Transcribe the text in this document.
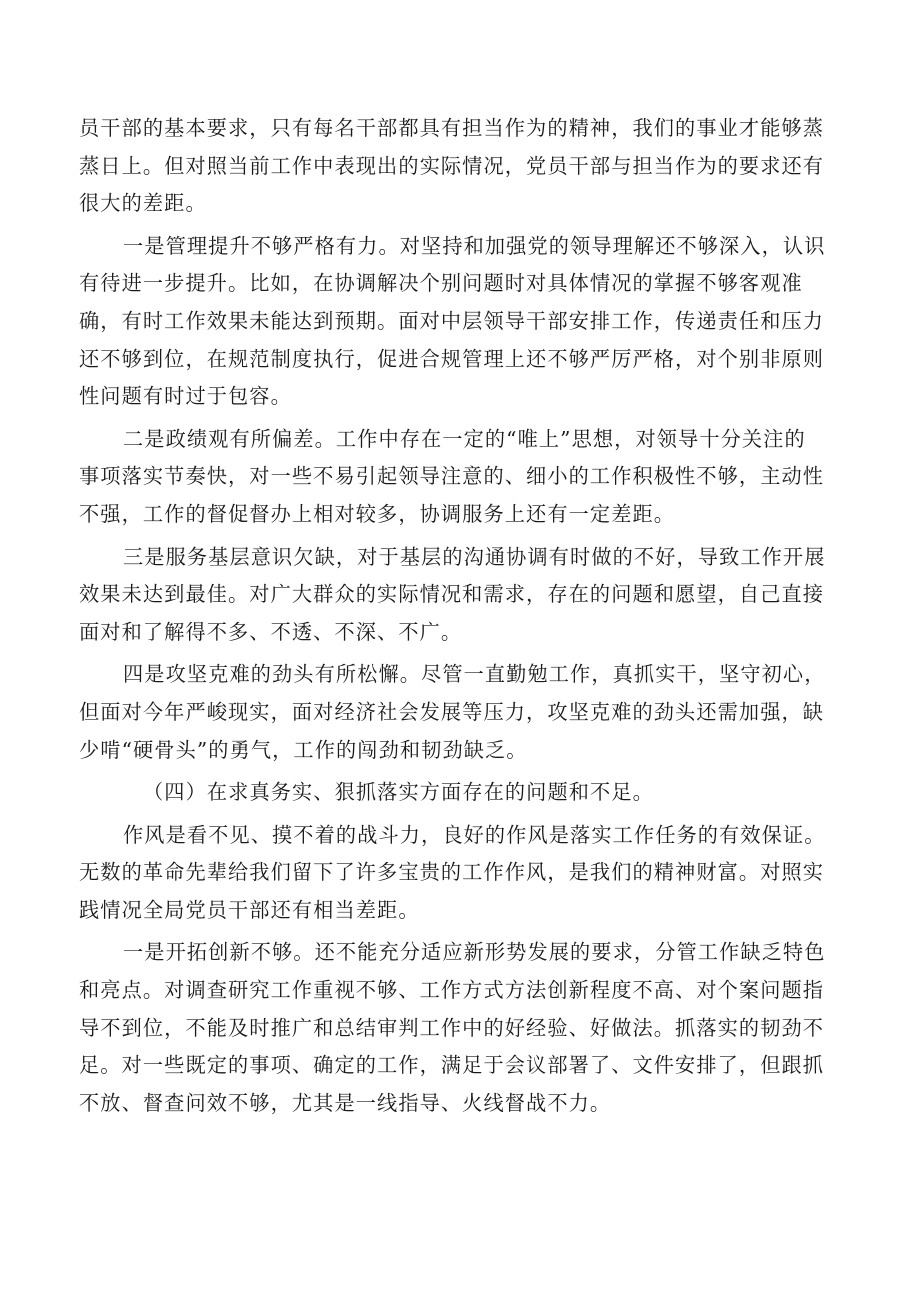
员干部的基本要求，只有每名干部都具有担当作为的精神，我们的事业才能够蒸
蒸日上。但对照当前工作中表现出的实际情况，党员干部与担当作为的要求还有
很大的差距。
一是管理提升不够严格有力。对坚持和加强党的领导理解还不够深入，认识
有待进一步提升。比如，在协调解决个别问题时对具体情况的掌握不够客观准
确，有时工作效果未能达到预期。面对中层领导干部安排工作，传递责任和压力
还不够到位，在规范制度执行，促进合规管理上还不够严厉严格，对个别非原则
性问题有时过于包容。
二是政绩观有所偏差。工作中存在一定的“唯上”思想，对领导十分关注的
事项落实节奏快，对一些不易引起领导注意的、细小的工作积极性不够，主动性
不强，工作的督促督办上相对较多，协调服务上还有一定差距。
三是服务基层意识欠缺，对于基层的沟通协调有时做的不好，导致工作开展
效果未达到最佳。对广大群众的实际情况和需求，存在的问题和愿望，自己直接
面对和了解得不多、不透、不深、不广。
四是攻坚克难的劲头有所松懈。尽管一直勤勉工作，真抓实干，坚守初心，
但面对今年严峻现实，面对经济社会发展等压力，攻坚克难的劲头还需加强，缺
少啃“硬骨头”的勇气，工作的闯劲和韧劲缺乏。
（四）在求真务实、狠抓落实方面存在的问题和不足。
作风是看不见、摸不着的战斗力，良好的作风是落实工作任务的有效保证。
无数的革命先辈给我们留下了许多宝贵的工作作风，是我们的精神财富。对照实
践情况全局党员干部还有相当差距。
一是开拓创新不够。还不能充分适应新形势发展的要求，分管工作缺乏特色
和亮点。对调查研究工作重视不够、工作方式方法创新程度不高、对个案问题指
导不到位，不能及时推广和总结审判工作中的好经验、好做法。抓落实的韧劲不
足。对一些既定的事项、确定的工作，满足于会议部署了、文件安排了，但跟抓
不放、督查问效不够，尤其是一线指导、火线督战不力。
